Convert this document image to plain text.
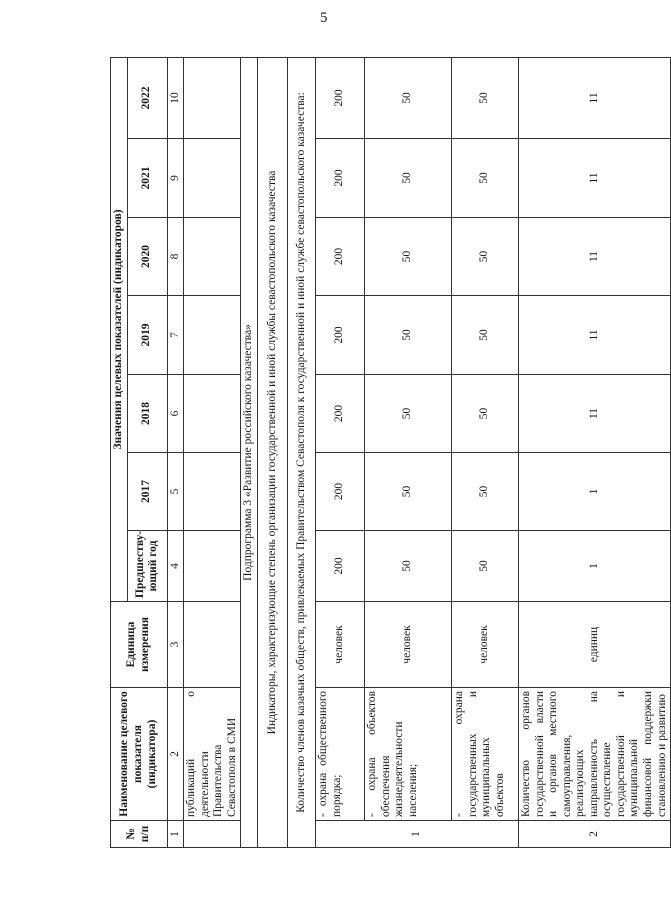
5
№ п/п	Наименование целевого показателя (индикатора)	Единица измерения	Значения целевых показателей (индикаторов)						
			Предшеству-ющий год	2017	2018	2019	2020	2021	2022
1	2	3	4	5	6	7	8	9	10
	публикаций о деятельности Правительства Севастополя в СМИ								
Подпрограмма 3 «Развитие российского казачества»									
Индикаторы, характеризующие степень организации государственной и иной службы севастопольского казачества									
Количество членов казачьих обществ, привлекаемых Правительством Севастополя к государственной и иной службе севастопольского казачества:									
1	- охрана общественного порядка;	человек	200	200	200	200	200	200	200
	- охрана объектов обеспечения жизнедеятельности населения;	человек	50	50	50	50	50	50	50
	- охрана государственных и муниципальных объектов	человек	50	50	50	50	50	50	50
2	Количество органов государственной власти и органов местного самоуправления, реализующих направленность на осуществление государственной и муниципальной финансовой поддержки становлению и развитию	единиц	1	1	11	11	11	11	11
